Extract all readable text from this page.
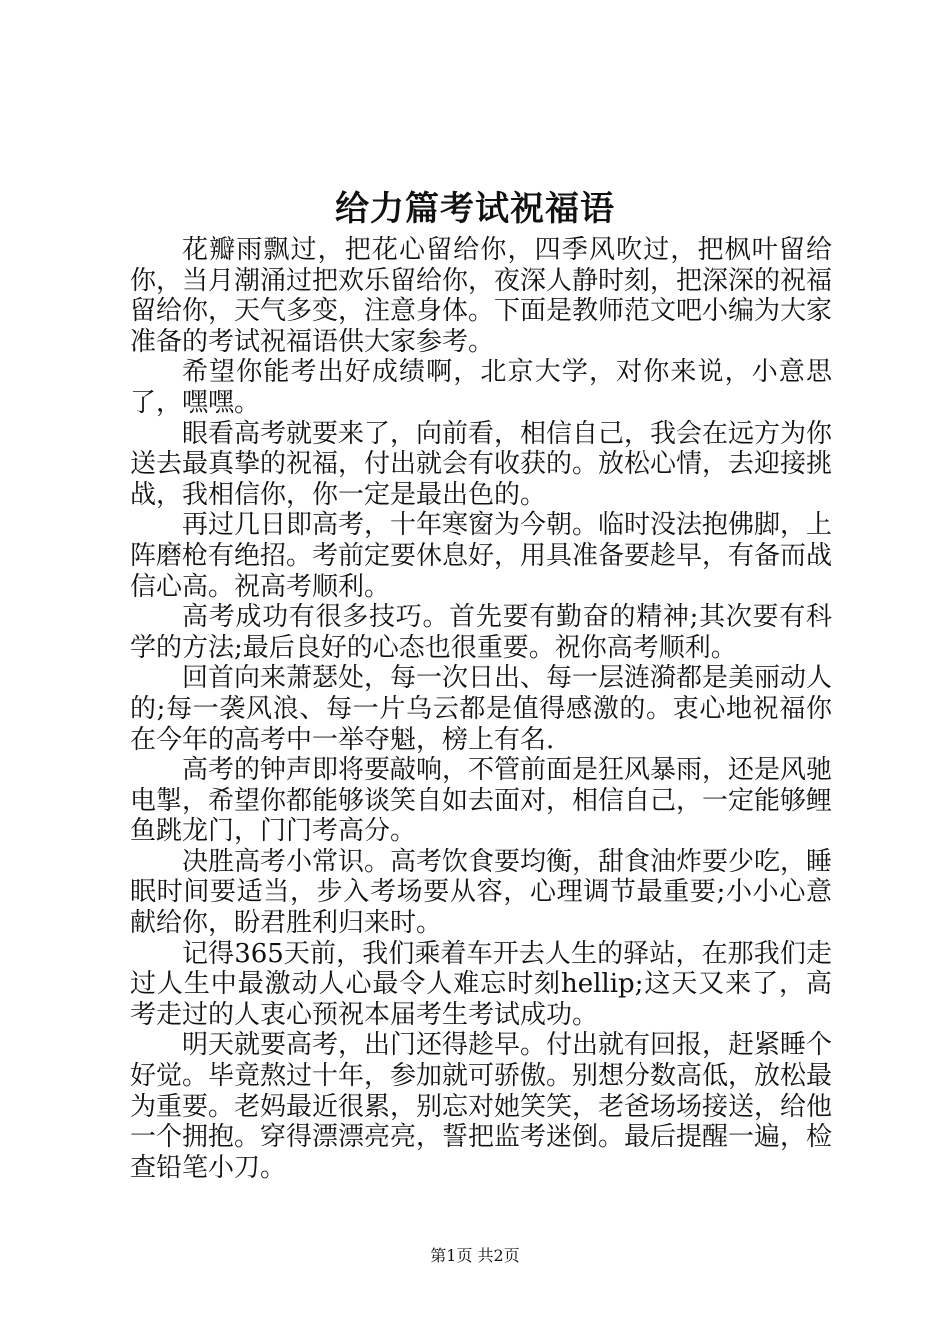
给力篇考试祝福语

花瓣雨飘过，把花心留给你，四季风吹过，把枫叶留给你，当月潮涌过把欢乐留给你，夜深人静时刻，把深深的祝福留给你，天气多变，注意身体。下面是教师范文吧小编为大家准备的考试祝福语供大家参考。

希望你能考出好成绩啊，北京大学，对你来说，小意思了，嘿嘿。

眼看高考就要来了，向前看，相信自己，我会在远方为你送去最真挚的祝福，付出就会有收获的。放松心情，去迎接挑战，我相信你，你一定是最出色的。

再过几日即高考，十年寒窗为今朝。临时没法抱佛脚，上阵磨枪有绝招。考前定要休息好，用具准备要趁早，有备而战信心高。祝高考顺利。

高考成功有很多技巧。首先要有勤奋的精神;其次要有科学的方法;最后良好的心态也很重要。祝你高考顺利。

回首向来萧瑟处，每一次日出、每一层涟漪都是美丽动人的;每一袭风浪、每一片乌云都是值得感激的。衷心地祝福你在今年的高考中一举夺魁，榜上有名.

高考的钟声即将要敲响，不管前面是狂风暴雨，还是风驰电掣，希望你都能够谈笑自如去面对，相信自己，一定能够鲤鱼跳龙门，门门考高分。

决胜高考小常识。高考饮食要均衡，甜食油炸要少吃，睡眠时间要适当，步入考场要从容，心理调节最重要;小小心意献给你，盼君胜利归来时。

记得365天前，我们乘着车开去人生的驿站，在那我们走过人生中最激动人心最令人难忘时刻hellip;这天又来了，高考走过的人衷心预祝本届考生考试成功。

明天就要高考，出门还得趁早。付出就有回报，赶紧睡个好觉。毕竟熬过十年，参加就可骄傲。别想分数高低，放松最为重要。老妈最近很累，别忘对她笑笑，老爸场场接送，给他一个拥抱。穿得漂漂亮亮，誓把监考迷倒。最后提醒一遍，检查铅笔小刀。

第1页 共2页
